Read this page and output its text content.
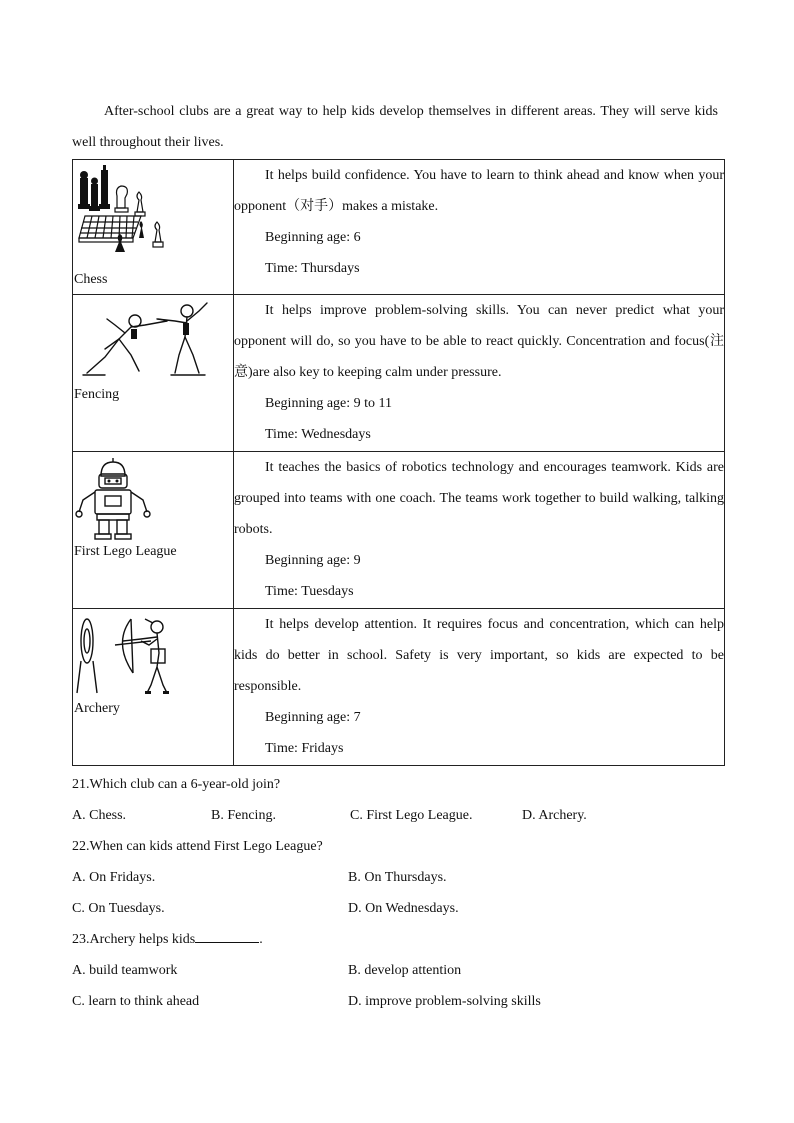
After-school clubs are a great way to help kids develop themselves in different areas. They will serve kids well throughout their lives.
Chess	It helps build confidence. You have to learn to think ahead and know when your opponent（对手）makes a mistake.
Beginning age: 6
Time: Thursdays

Fencing	It helps improve problem-solving skills. You can never predict what your opponent will do, so you have to be able to react quickly. Concentration and focus(注意)are also key to keeping calm under pressure.
Beginning age: 9 to 11
Time: Wednesdays

First Lego League	It teaches the basics of robotics technology and encourages teamwork. Kids are grouped into teams with one coach. The teams work together to build walking, talking robots.
Beginning age: 9
Time: Tuesdays

Archery	It helps develop attention. It requires focus and concentration, which can help kids do better in school. Safety is very important, so kids are expected to be responsible.
Beginning age: 7
Time: Fridays
21.Which club can a 6-year-old join?
A. Chess.	B. Fencing.	C. First Lego League.	D. Archery.
22.When can kids attend First Lego League?
A. On Fridays.	B. On Thursdays.
C. On Tuesdays.	D. On Wednesdays.
23.Archery helps kids	.
A. build teamwork	B. develop attention
C. learn to think ahead	D. improve problem-solving skills
